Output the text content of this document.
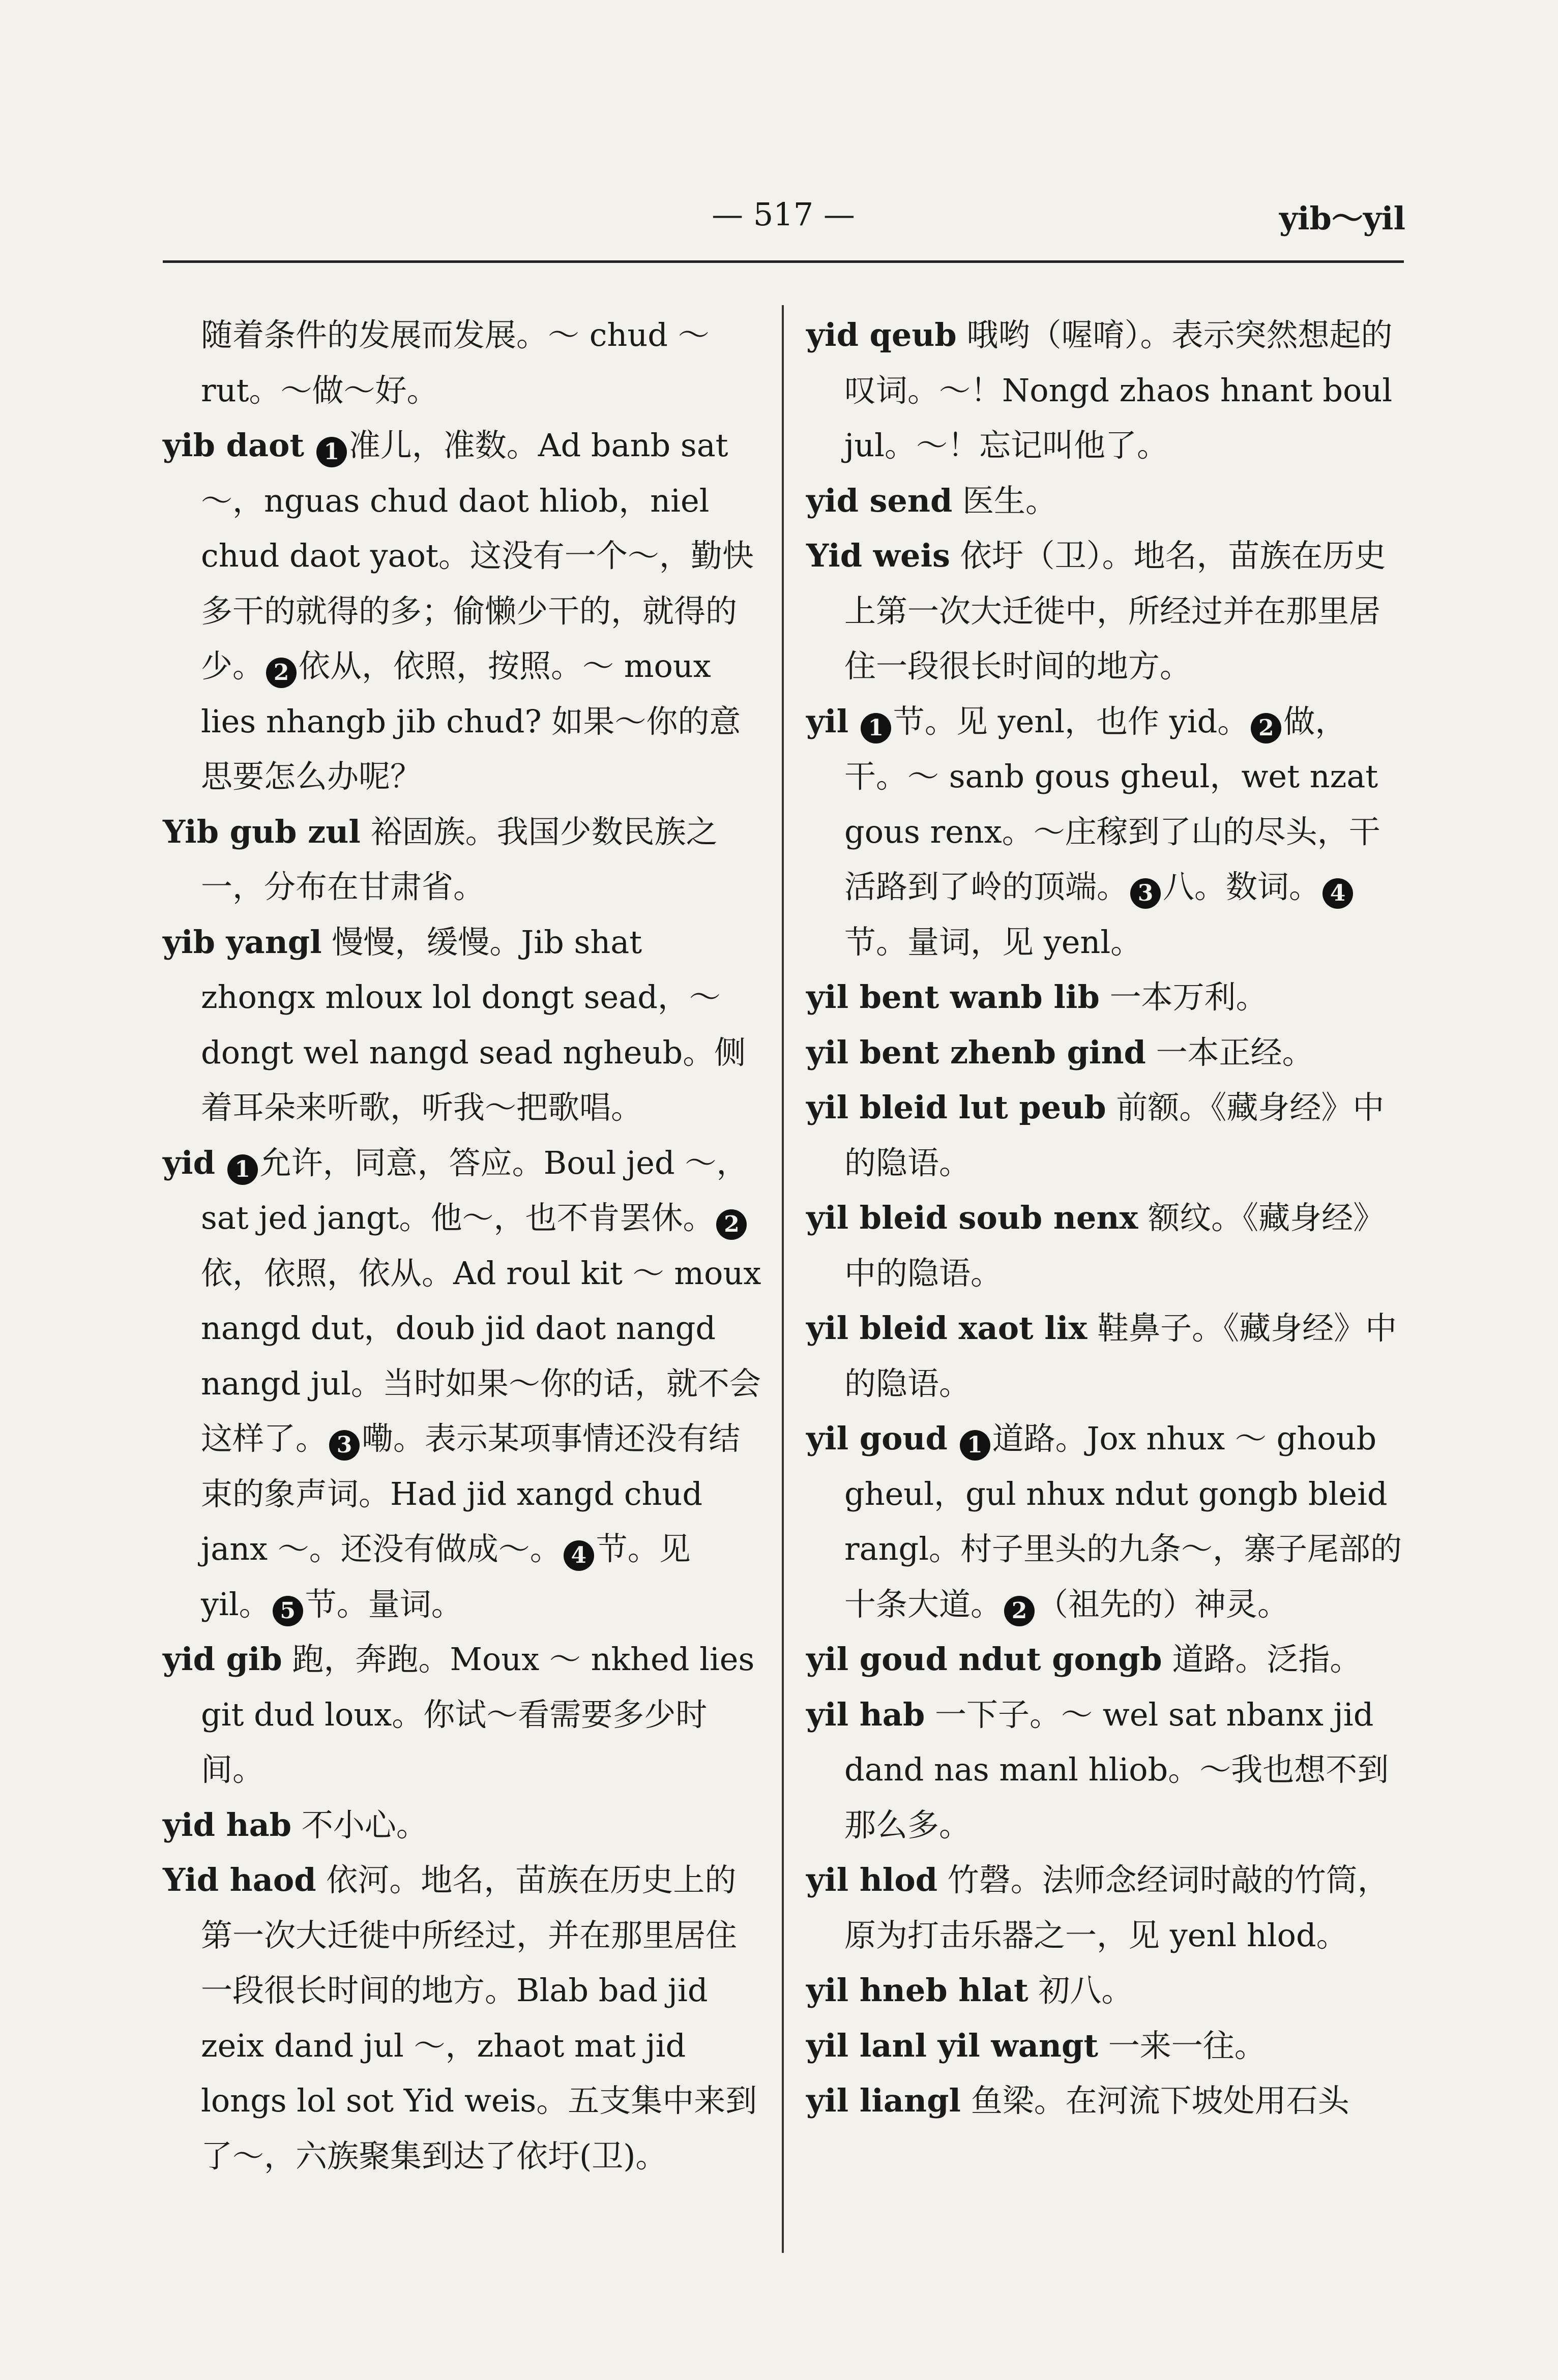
— 517 —	yib～yil

随着条件的发展而发展。～ chud ～ rut。～做～好。

yib daot 1 准儿，准数。Ad banb sat ～，nguas chud daot hliob，niel chud daot yaot。这没有一个～，勤快多干的就得的多；偷懒少干的，就得的少。 2 依从，依照，按照。～ moux lies nhangb jib chud? 如果～你的意思要怎么办呢？

Yib gub zul 裕固族。我国少数民族之一，分布在甘肃省。

yib yangl 慢慢，缓慢。Jib shat zhongx mloux lol dongt sead，～ dongt wel nangd sead ngheub。侧着耳朵来听歌，听我～把歌唱。

yid 1 允许，同意，答应。Boul jed ～，sat jed jangt。他～，也不肯罢休。 2依，依照，依从。Ad roul kit ～ moux nangd dut，doub jid daot nangd nangd jul。当时如果～你的话，就不会这样了。 3 嘞。表示某项事情还没有结束的象声词。Had jid xangd chud janx ～。还没有做成～。 4 节。见 yil。 5 节。量词。

yid gib 跑，奔跑。Moux ～ nkhed lies git dud loux。你试～看需要多少时间。

yid hab 不小心。

Yid haod 依河。地名，苗族在历史上的第一次大迁徙中所经过，并在那里居住一段很长时间的地方。Blab bad jid zeix dand jul ～，zhaot mat jid longs lol sot Yid weis。五支集中来到了～，六族聚集到达了依圩(卫)。

yid qeub 哦哟（喔唷）。表示突然想起的叹词。～！Nongd zhaos hnant boul jul。～！忘记叫他了。

yid send 医生。

Yid weis 依圩（卫）。地名，苗族在历史上第一次大迁徙中，所经过并在那里居住一段很长时间的地方。

yil 1 节。见 yenl，也作 yid。 2 做，干。～ sanb gous gheul，wet nzat gous renx。～庄稼到了山的尽头，干活路到了岭的顶端。 3 八。数词。 4节。量词，见 yenl。

yil bent wanb lib 一本万利。

yil bent zhenb gind 一本正经。

yil bleid lut peub 前额。《藏身经》中的隐语。

yil bleid soub nenx 额纹。《藏身经》中的隐语。

yil bleid xaot lix 鞋鼻子。《藏身经》中的隐语。

yil goud 1 道路。Jox nhux ～ ghoub gheul，gul nhux ndut gongb bleid rangl。村子里头的九条～，寨子尾部的十条大道。 2 （祖先的）神灵。

yil goud ndut gongb 道路。泛指。

yil hab 一下子。～ wel sat nbanx jid dand nas manl hliob。～我也想不到那么多。

yil hlod 竹磬。法师念经词时敲的竹筒，原为打击乐器之一，见 yenl hlod。

yil hneb hlat 初八。

yil lanl yil wangt 一来一往。

yil liangl 鱼梁。在河流下坡处用石头
